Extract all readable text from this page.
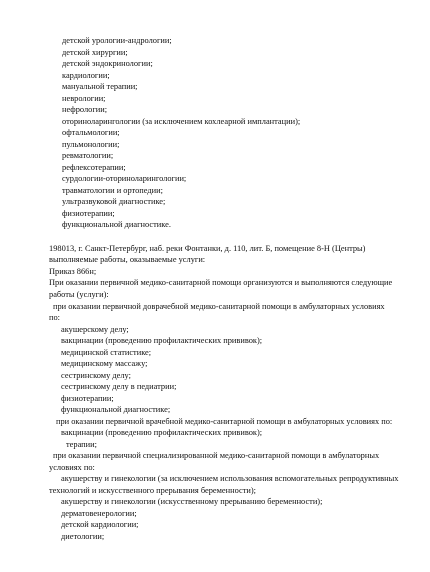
детской урологии-андрологии;
детской хирургии;
детской эндокринологии;
кардиологии;
мануальной терапии;
неврологии;
нефрологии;
оториноларингологии (за исключением кохлеарной имплантации);
офтальмологии;
пульмонологии;
ревматологии;
рефлексотерапии;
сурдологии-оториноларингологии;
травматологии и ортопедии;
ультразвуковой диагностике;
физиотерапии;
функциональной диагностике.
198013, г. Санкт-Петербург, наб. реки Фонтанки, д. 110, лит. Б, помещение 8-Н (Центры)
выполняемые работы, оказываемые услуги:
Приказ 866н;
При оказании первичной медико-санитарной помощи организуются и выполняются следующие
работы (услуги):
при оказании первичной доврачебной медико-санитарной помощи в амбулаторных условиях
по:
акушерскому делу;
вакцинации (проведению профилактических прививок);
медицинской статистике;
медицинскому массажу;
сестринскому делу;
сестринскому делу в педиатрии;
физиотерапии;
функциональной диагностике;
при оказании первичной врачебной медико-санитарной помощи в амбулаторных условиях по:
вакцинации (проведению профилактических прививок);
терапии;
при оказании первичной специализированной медико-санитарной помощи в амбулаторных
условиях по:
акушерству и гинекологии (за исключением использования вспомогательных репродуктивных
технологий и искусственного прерывания беременности);
акушерству и гинекологии (искусственному прерыванию беременности);
дерматовенерологии;
детской кардиологии;
диетологии;
